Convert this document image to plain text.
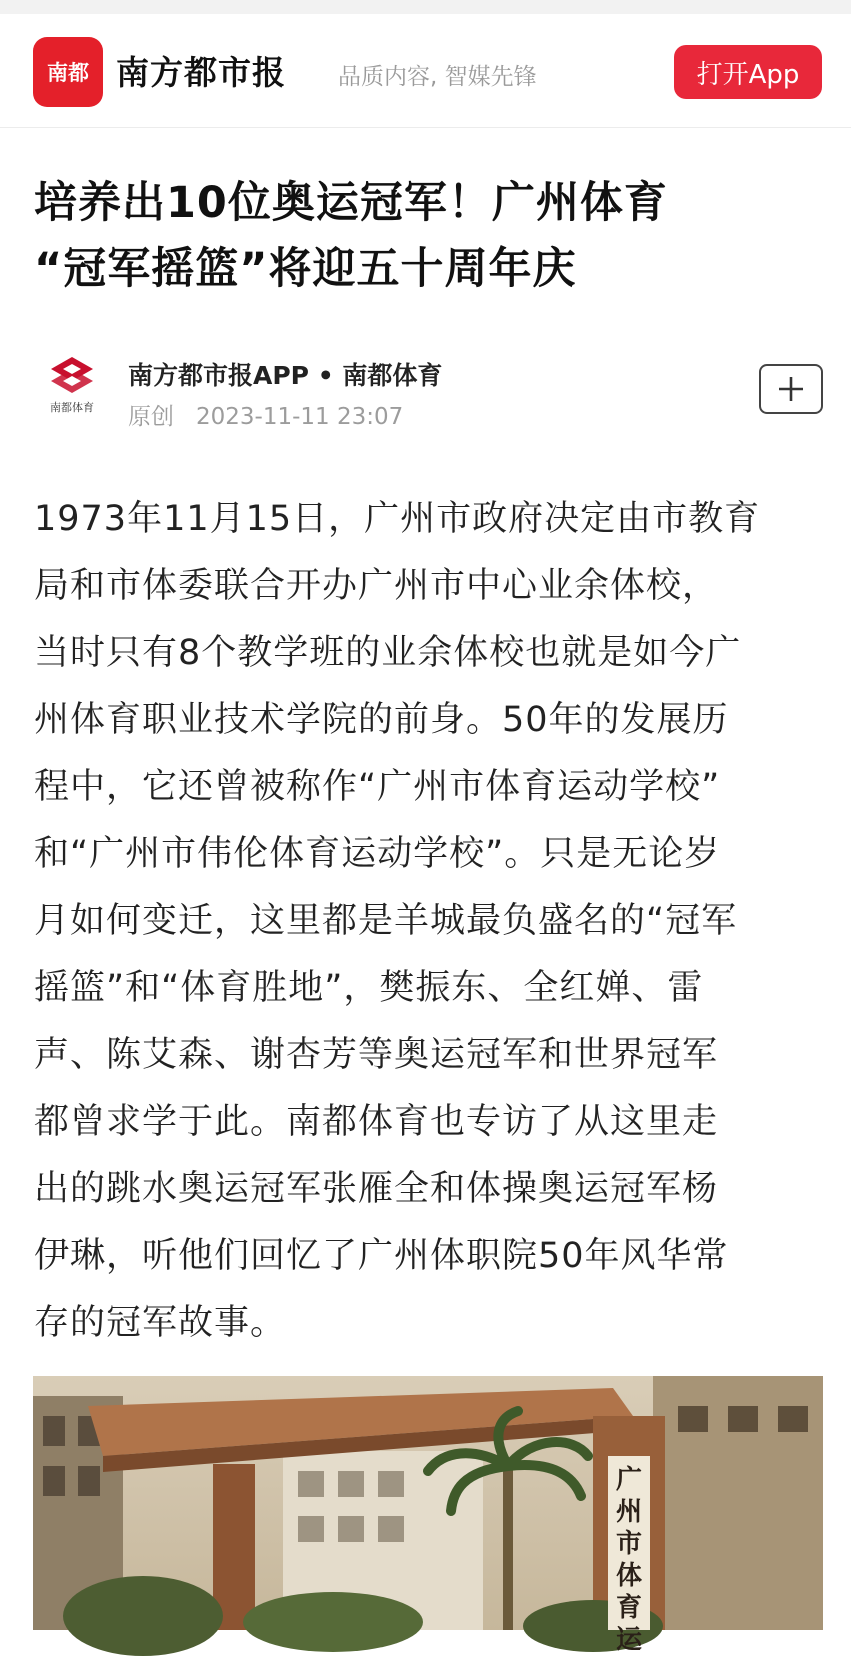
南都 南方都市报 品质内容, 智媒先锋	打开App
培养出10位奥运冠军！广州体育
“冠军摇篮”将迎五十周年庆
南都体育
南方都市报APP • 南都体育
原创 2023-11-11 23:07
1973年11月15日，广州市政府决定由市教育
局和市体委联合开办广州市中心业余体校，
当时只有8个教学班的业余体校也就是如今广
州体育职业技术学院的前身。50年的发展历
程中，它还曾被称作“广州市体育运动学校”
和“广州市伟伦体育运动学校”。只是无论岁
月如何变迁，这里都是羊城最负盛名的“冠军
摇篮”和“体育胜地”，樊振东、全红婵、雷
声、陈艾森、谢杏芳等奥运冠军和世界冠军
都曾求学于此。南都体育也专访了从这里走
出的跳水奥运冠军张雁全和体操奥运冠军杨
伊琳，听他们回忆了广州体职院50年风华常
存的冠军故事。
广州市体育运
